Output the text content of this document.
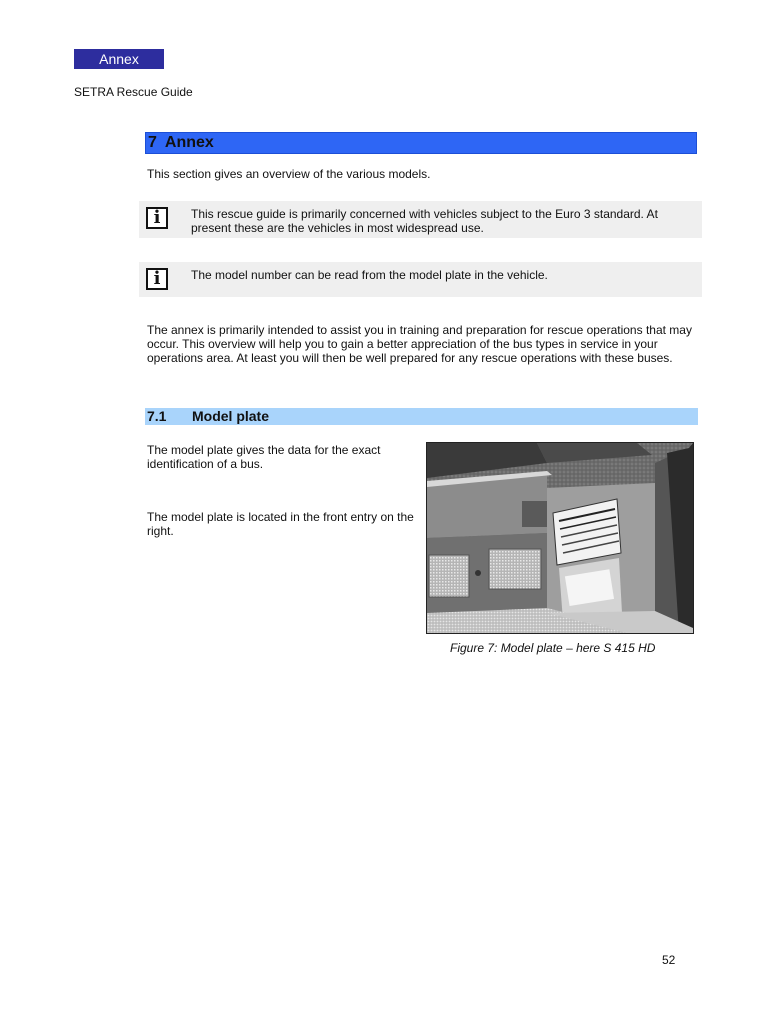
Annex
SETRA Rescue Guide
7 Annex
This section gives an overview of the various models.
i	This rescue guide is primarily concerned with vehicles subject to the Euro 3 standard. At present these are the vehicles in most widespread use.
i	The model number can be read from the model plate in the vehicle.
The annex is primarily intended to assist you in training and preparation for rescue operations that may occur. This overview will help you to gain a better appreciation of the bus types in service in your operations area. At least you will then be well prepared for any rescue operations with these buses.
7.1 Model plate
The model plate gives the data for the exact identification of a bus.
The model plate is located in the front entry on the right.
Figure 7: Model plate – here S 415 HD
52
